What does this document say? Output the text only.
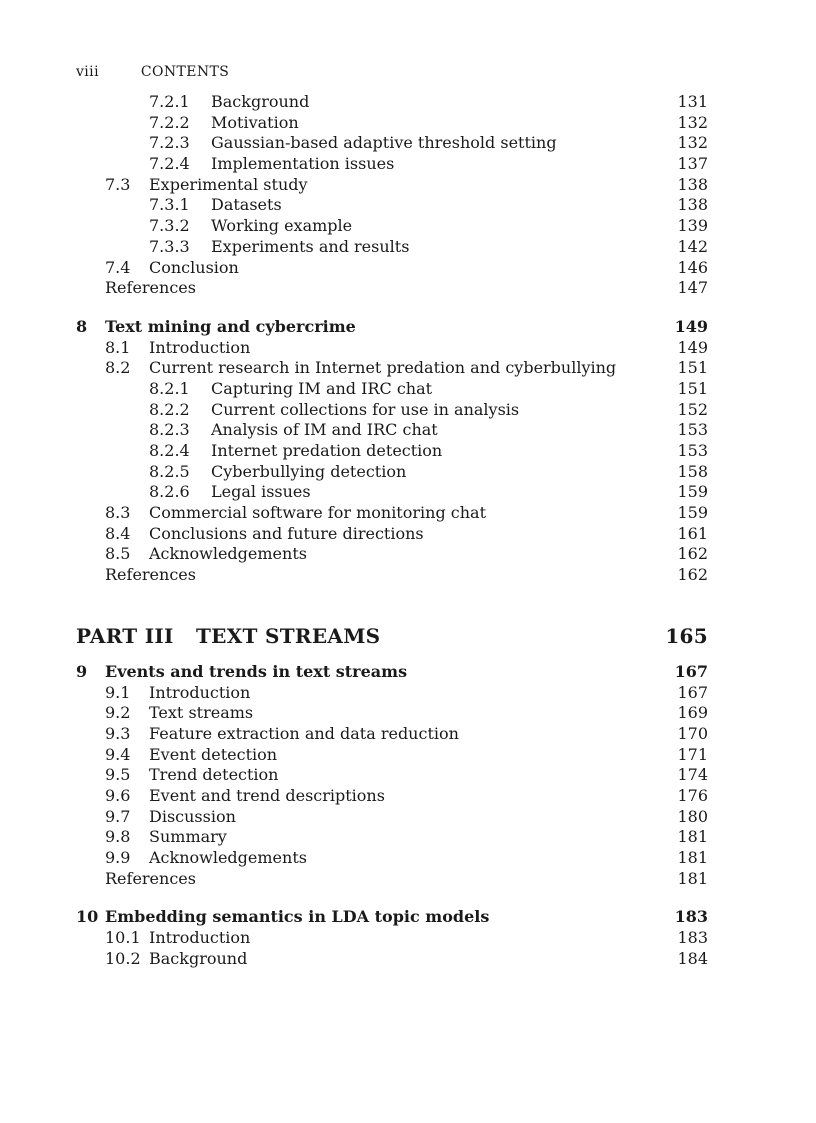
viii	CONTENTS
7.2.1 Background	131
7.2.2 Motivation	132
7.2.3 Gaussian-based adaptive threshold setting	132
7.2.4 Implementation issues	137
7.3 Experimental study	138
7.3.1 Datasets	138
7.3.2 Working example	139
7.3.3 Experiments and results	142
7.4 Conclusion	146
References	147
8 Text mining and cybercrime	149
8.1 Introduction	149
8.2 Current research in Internet predation and cyberbullying	151
8.2.1 Capturing IM and IRC chat	151
8.2.2 Current collections for use in analysis	152
8.2.3 Analysis of IM and IRC chat	153
8.2.4 Internet predation detection	153
8.2.5 Cyberbullying detection	158
8.2.6 Legal issues	159
8.3 Commercial software for monitoring chat	159
8.4 Conclusions and future directions	161
8.5 Acknowledgements	162
References	162
PART III TEXT STREAMS	165
9 Events and trends in text streams	167
9.1 Introduction	167
9.2 Text streams	169
9.3 Feature extraction and data reduction	170
9.4 Event detection	171
9.5 Trend detection	174
9.6 Event and trend descriptions	176
9.7 Discussion	180
9.8 Summary	181
9.9 Acknowledgements	181
References	181
10 Embedding semantics in LDA topic models	183
10.1 Introduction	183
10.2 Background	184
